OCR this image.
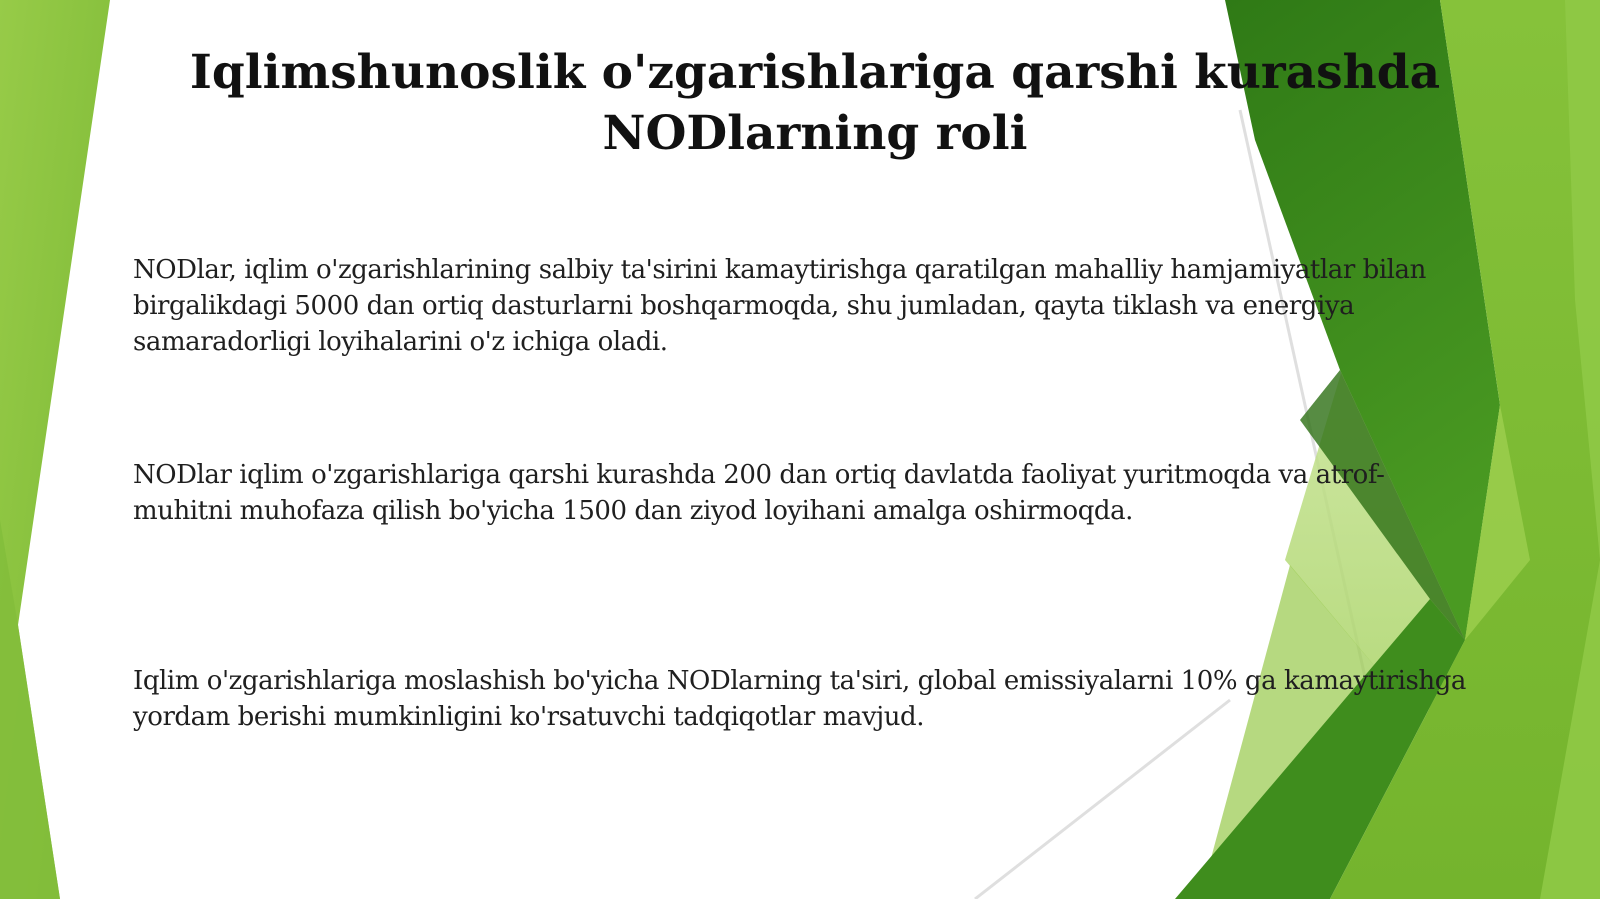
Iqlimshunoslik o'zgarishlariga qarshi kurashda
NODlarning roli

NODlar, iqlim o'zgarishlarining salbiy ta'sirini kamaytirishga qaratilgan mahalliy hamjamiyatlar bilan birgalikdagi 5000 dan ortiq dasturlarni boshqarmoqda, shu jumladan, qayta tiklash va energiya samaradorligi loyihalarini o'z ichiga oladi.

NODlar iqlim o'zgarishlariga qarshi kurashda 200 dan ortiq davlatda faoliyat yuritmoqda va atrof-muhitni muhofaza qilish bo'yicha 1500 dan ziyod loyihani amalga oshirmoqda.

Iqlim o'zgarishlariga moslashish bo'yicha NODlarning ta'siri, global emissiyalarni 10% ga kamaytirishga yordam berishi mumkinligini ko'rsatuvchi tadqiqotlar mavjud.
